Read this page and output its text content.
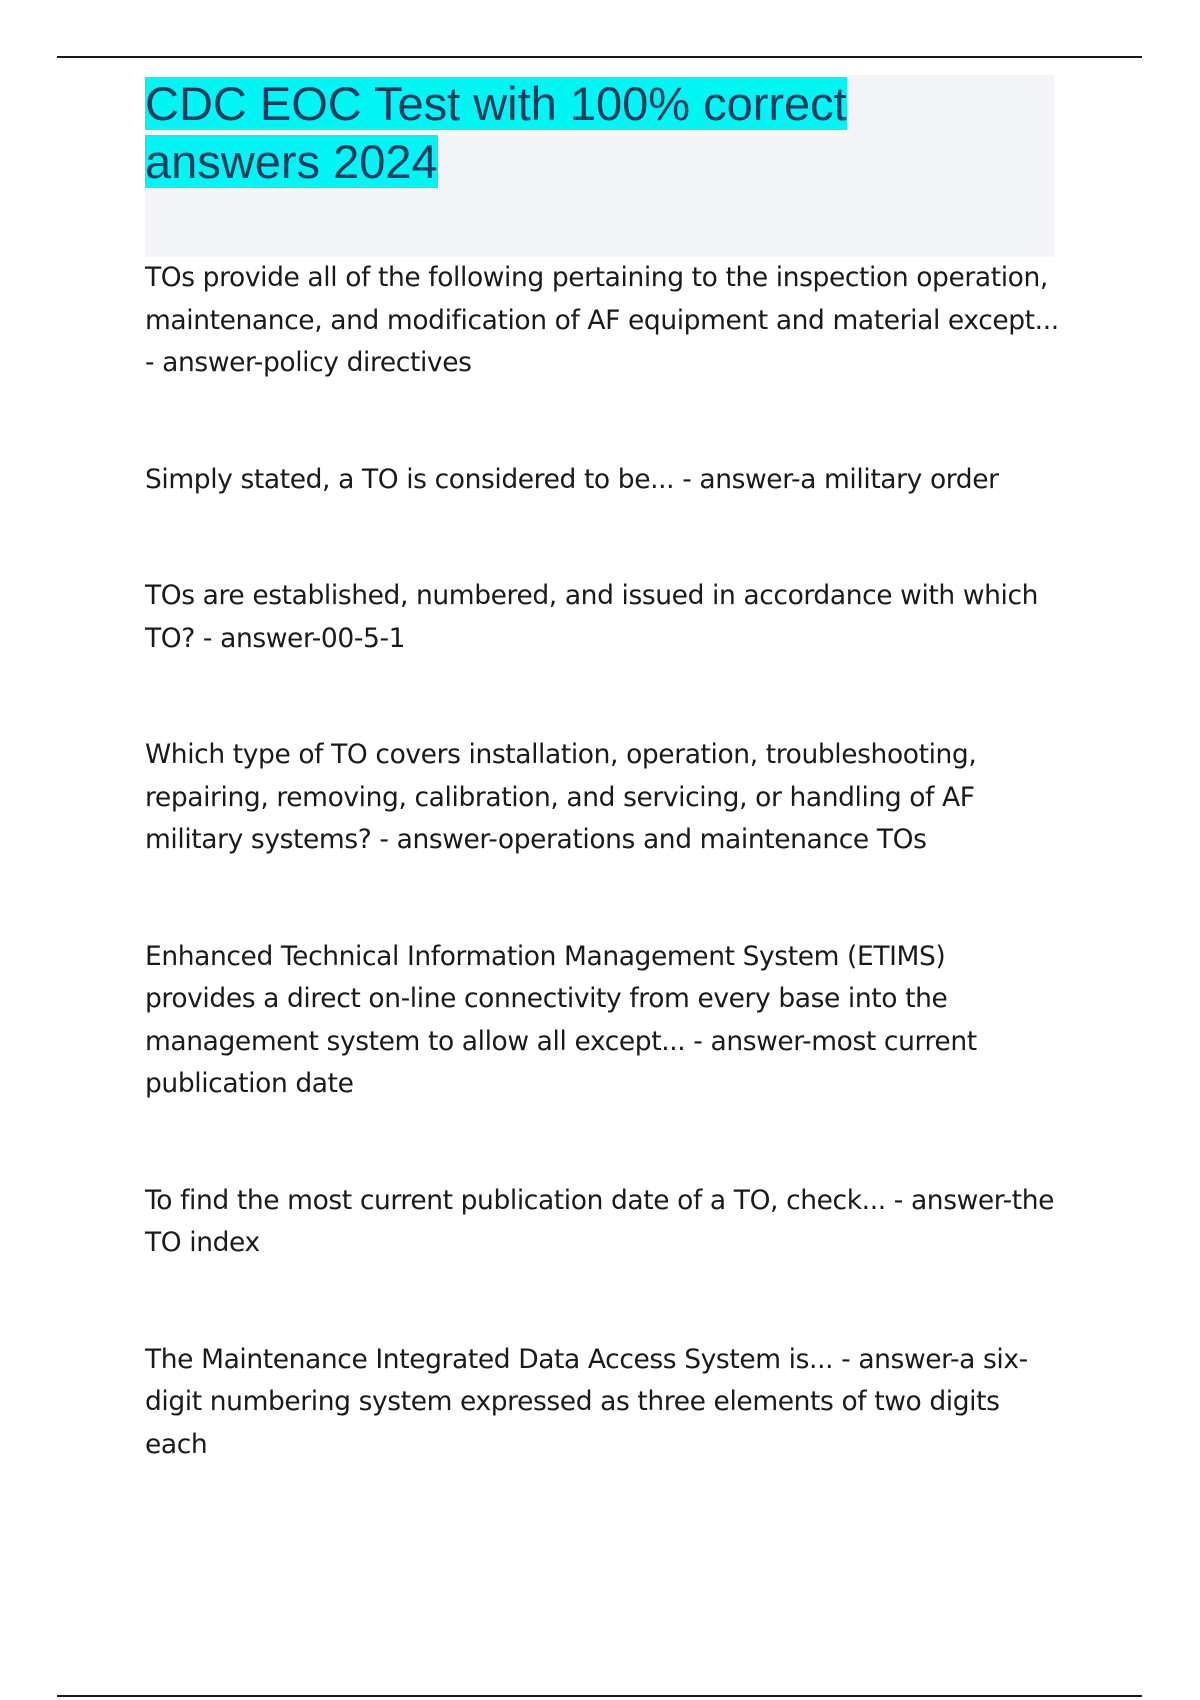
CDC EOC Test with 100% correct answers 2024

TOs provide all of the following pertaining to the inspection operation, maintenance, and modification of AF equipment and material except... - answer-policy directives

Simply stated, a TO is considered to be... - answer-a military order

TOs are established, numbered, and issued in accordance with which TO? - answer-00-5-1

Which type of TO covers installation, operation, troubleshooting, repairing, removing, calibration, and servicing, or handling of AF military systems? - answer-operations and maintenance TOs

Enhanced Technical Information Management System (ETIMS) provides a direct on-line connectivity from every base into the management system to allow all except... - answer-most current publication date

To find the most current publication date of a TO, check... - answer-the TO index

The Maintenance Integrated Data Access System is... - answer-a six-digit numbering system expressed as three elements of two digits each
